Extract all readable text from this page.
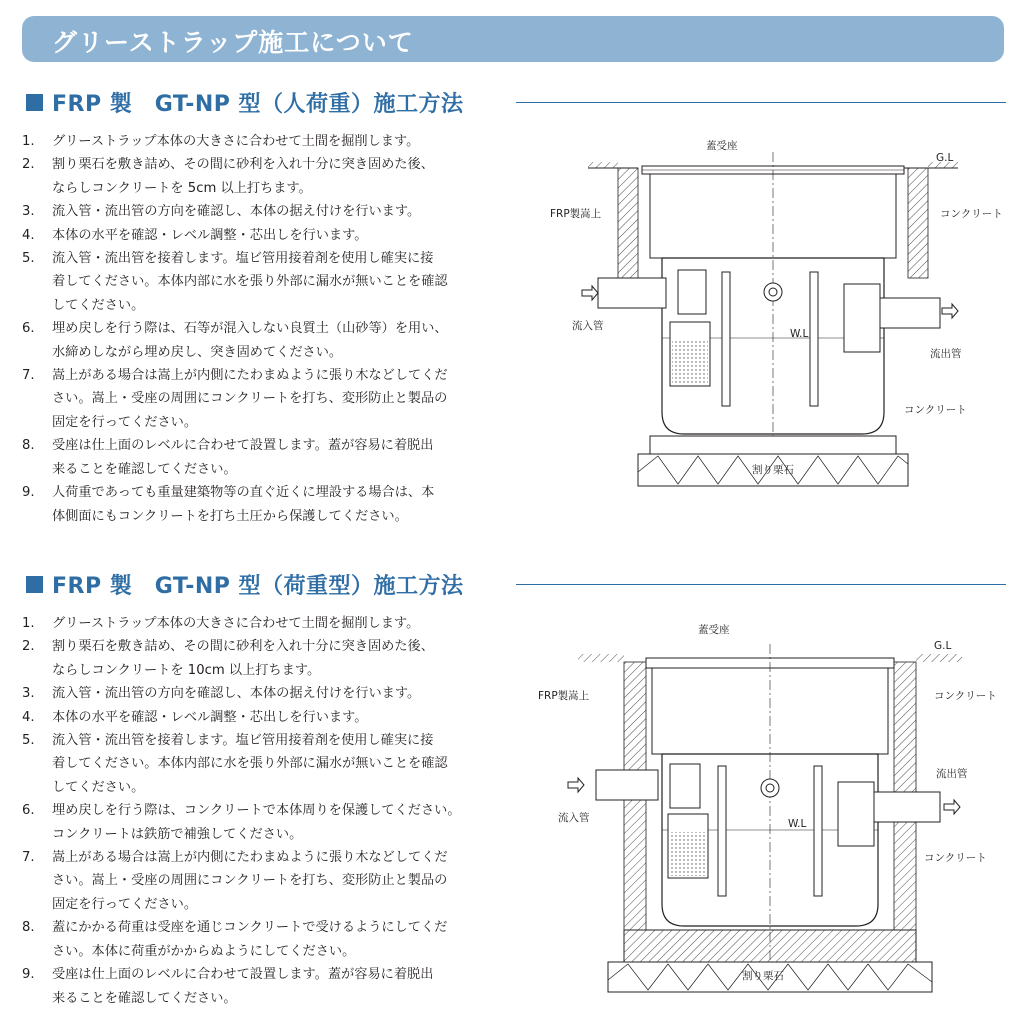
グリーストラップ施工について
FRP 製　GT-NP 型（人荷重）施工方法
1. グリーストラップ本体の大きさに合わせて土間を掘削します。
2. 割り栗石を敷き詰め、その間に砂利を入れ十分に突き固めた後、
ならしコンクリートを 5cm 以上打ちます。
3. 流入管・流出管の方向を確認し、本体の据え付けを行います。
4. 本体の水平を確認・レベル調整・芯出しを行います。
5. 流入管・流出管を接着します。塩ビ管用接着剤を使用し確実に接
着してください。本体内部に水を張り外部に漏水が無いことを確認
してください。
6. 埋め戻しを行う際は、石等が混入しない良質土（山砂等）を用い、
水締めしながら埋め戻し、突き固めてください。
7. 嵩上がある場合は嵩上が内側にたわまぬように張り木などしてくだ
さい。嵩上・受座の周囲にコンクリートを打ち、変形防止と製品の
固定を行ってください。
8. 受座は仕上面のレベルに合わせて設置します。蓋が容易に着脱出
来ることを確認してください。
9. 人荷重であっても重量建築物等の直ぐ近くに埋設する場合は、本
体側面にもコンクリートを打ち土圧から保護してください。
蓋受座
G.L
FRP製嵩上	コンクリート
流入管
W.L
流出管
コンクリート
割り栗石
FRP 製　GT-NP 型（荷重型）施工方法
1. グリーストラップ本体の大きさに合わせて土間を掘削します。
2. 割り栗石を敷き詰め、その間に砂利を入れ十分に突き固めた後、
ならしコンクリートを 10cm 以上打ちます。
3. 流入管・流出管の方向を確認し、本体の据え付けを行います。
4. 本体の水平を確認・レベル調整・芯出しを行います。
5. 流入管・流出管を接着します。塩ビ管用接着剤を使用し確実に接
着してください。本体内部に水を張り外部に漏水が無いことを確認
してください。
6. 埋め戻しを行う際は、コンクリートで本体周りを保護してください。
コンクリートは鉄筋で補強してください。
7. 嵩上がある場合は嵩上が内側にたわまぬように張り木などしてくだ
さい。嵩上・受座の周囲にコンクリートを打ち、変形防止と製品の
固定を行ってください。
8. 蓋にかかる荷重は受座を通じコンクリートで受けるようにしてくだ
さい。本体に荷重がかからぬようにしてください。
9. 受座は仕上面のレベルに合わせて設置します。蓋が容易に着脱出
来ることを確認してください。
蓋受座
G.L
FRP製嵩上	コンクリート
流出管
流入管	W.L
コンクリート
割り栗石
